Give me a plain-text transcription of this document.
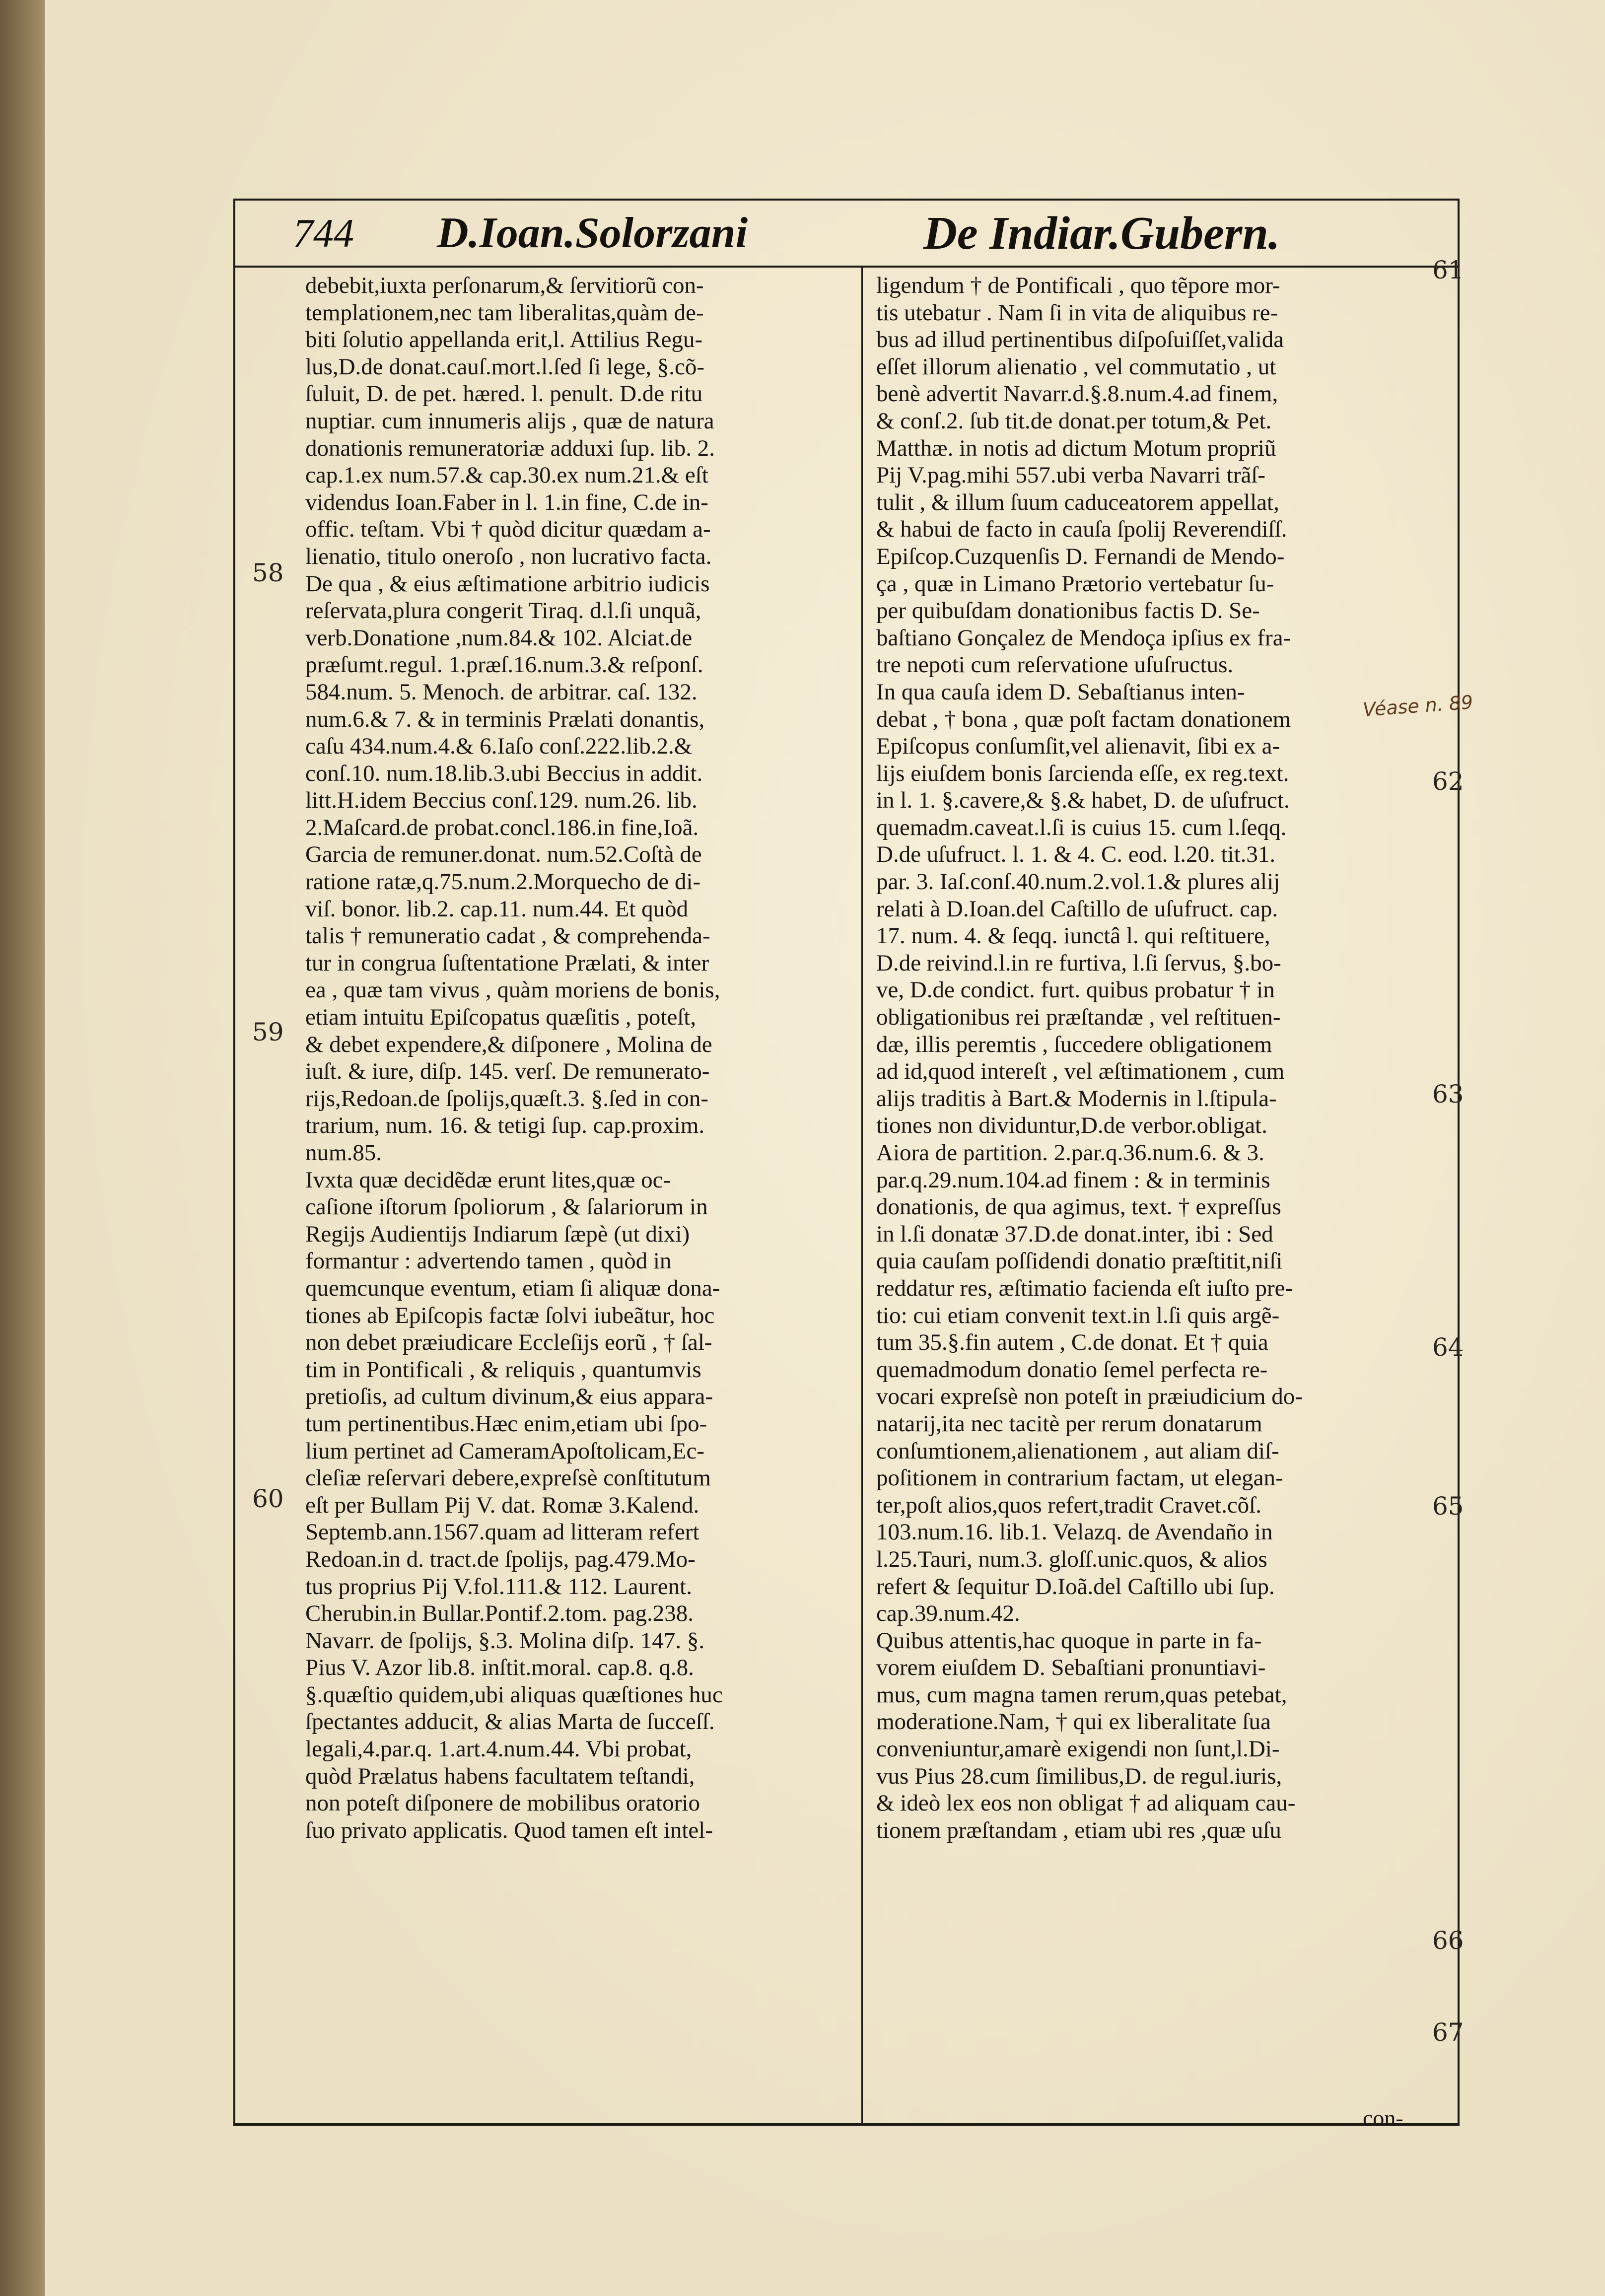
744 D.Ioan.Solorzani	De Indiar.Gubern.
debebit,iuxta perſonarum,& ſervitiorũ con-
templationem,nec tam liberalitas,quàm de-
biti ſolutio appellanda erit,l. Attilius Regu-
lus,D.de donat.cauſ.mort.l.ſed ſi lege, §.cõ-
ſuluit, D. de pet. hæred. l. penult. D.de ritu
nuptiar. cum innumeris alijs , quæ de natura
donationis remuneratoriæ adduxi ſup. lib. 2.
cap.1.ex num.57.& cap.30.ex num.21.& eſt
videndus Ioan.Faber in l. 1.in fine, C.de in-
offic. teſtam. Vbi † quòd dicitur quædam a-
lienatio, titulo oneroſo , non lucrativo facta.
De qua , & eius æſtimatione arbitrio iudicis
reſervata,plura congerit Tiraq. d.l.ſi unquã,
verb.Donatione ,num.84.& 102. Alciat.de
præſumt.regul. 1.præſ.16.num.3.& reſponſ.
584.num. 5. Menoch. de arbitrar. caſ. 132.
num.6.& 7. & in terminis Prælati donantis,
caſu 434.num.4.& 6.Iaſo conſ.222.lib.2.&
conſ.10. num.18.lib.3.ubi Beccius in addit.
litt.H.idem Beccius conſ.129. num.26. lib.
2.Maſcard.de probat.concl.186.in fine,Ioã.
Garcia de remuner.donat. num.52.Coſtà de
ratione ratæ,q.75.num.2.Morquecho de di-
viſ. bonor. lib.2. cap.11. num.44. Et quòd
talis † remuneratio cadat , & comprehenda-
tur in congrua ſuſtentatione Prælati, & inter
ea , quæ tam vivus , quàm moriens de bonis,
etiam intuitu Epiſcopatus quæſitis , poteſt,
& debet expendere,& diſponere , Molina de
iuſt. & iure, diſp. 145. verſ. De remunerato-
rijs,Redoan.de ſpolijs,quæſt.3. §.ſed in con-
trarium, num. 16. & tetigi ſup. cap.proxim.
num.85.
Ivxta quæ decidẽdæ erunt lites,quæ oc-
caſione iſtorum ſpoliorum , & ſalariorum in
Regijs Audientijs Indiarum ſæpè (ut dixi)
formantur : advertendo tamen , quòd in
quemcunque eventum, etiam ſi aliquæ dona-
tiones ab Epiſcopis factæ ſolvi iubeãtur, hoc
non debet præiudicare Eccleſijs eorũ , † ſal-
tim in Pontificali , & reliquis , quantumvis
pretioſis, ad cultum divinum,& eius appara-
tum pertinentibus.Hæc enim,etiam ubi ſpo-
lium pertinet ad CameramApoſtolicam,Ec-
cleſiæ reſervari debere,expreſsè conſtitutum
eſt per Bullam Pij V. dat. Romæ 3.Kalend.
Septemb.ann.1567.quam ad litteram refert
Redoan.in d. tract.de ſpolijs, pag.479.Mo-
tus proprius Pij V.fol.111.& 112. Laurent.
Cherubin.in Bullar.Pontif.2.tom. pag.238.
Navarr. de ſpolijs, §.3. Molina diſp. 147. §.
Pius V. Azor lib.8. inſtit.moral. cap.8. q.8.
§.quæſtio quidem,ubi aliquas quæſtiones huc
ſpectantes adducit, & alias Marta de ſucceſſ.
legali,4.par.q. 1.art.4.num.44. Vbi probat,
quòd Prælatus habens facultatem teſtandi,
non poteſt diſponere de mobilibus oratorio
ſuo privato applicatis. Quod tamen eſt intel-
ligendum † de Pontificali , quo tẽpore mor-
tis utebatur . Nam ſi in vita de aliquibus re-
bus ad illud pertinentibus diſpoſuiſſet,valida
eſſet illorum alienatio , vel commutatio , ut
benè advertit Navarr.d.§.8.num.4.ad finem,
& conſ.2. ſub tit.de donat.per totum,& Pet.
Matthæ. in notis ad dictum Motum propriũ
Pij V.pag.mihi 557.ubi verba Navarri trãſ-
tulit , & illum ſuum caduceatorem appellat,
& habui de facto in cauſa ſpolij Reverendiſſ.
Epiſcop.Cuzquenſis D. Fernandi de Mendo-
ça , quæ in Limano Prætorio vertebatur ſu-
per quibuſdam donationibus factis D. Se-
baſtiano Gonçalez de Mendoça ipſius ex fra-
tre nepoti cum reſervatione uſuſructus.
In qua cauſa idem D. Sebaſtianus inten-
debat , † bona , quæ poſt factam donationem
Epiſcopus conſumſit,vel alienavit, ſibi ex a-
lijs eiuſdem bonis ſarcienda eſſe, ex reg.text.
in l. 1. §.cavere,& §.& habet, D. de uſufruct.
quemadm.caveat.l.ſi is cuius 15. cum l.ſeqq.
D.de uſufruct. l. 1. & 4. C. eod. l.20. tit.31.
par. 3. Iaſ.conſ.40.num.2.vol.1.& plures alij
relati à D.Ioan.del Caſtillo de uſufruct. cap.
17. num. 4. & ſeqq. iunctâ l. qui reſtituere,
D.de reivind.l.in re furtiva, l.ſi ſervus, §.bo-
ve, D.de condict. furt. quibus probatur † in
obligationibus rei præſtandæ , vel reſtituen-
dæ, illis peremtis , ſuccedere obligationem
ad id,quod intereſt , vel æſtimationem , cum
alijs traditis à Bart.& Modernis in l.ſtipula-
tiones non dividuntur,D.de verbor.obligat.
Aiora de partition. 2.par.q.36.num.6. & 3.
par.q.29.num.104.ad finem : & in terminis
donationis, de qua agimus, text. † expreſſus
in l.ſi donatæ 37.D.de donat.inter, ibi : Sed
quia cauſam poſſidendi donatio præſtitit,niſi
reddatur res, æſtimatio facienda eſt iuſto pre-
tio: cui etiam convenit text.in l.ſi quis argẽ-
tum 35.§.fin autem , C.de donat. Et † quia
quemadmodum donatio ſemel perfecta re-
vocari expreſsè non poteſt in præiudicium do-
natarij,ita nec tacitè per rerum donatarum
conſumtionem,alienationem , aut aliam diſ-
poſitionem in contrarium factam, ut elegan-
ter,poſt alios,quos refert,tradit Cravet.cõſ.
103.num.16. lib.1. Velazq. de Avendaño in
l.25.Tauri, num.3. gloſſ.unic.quos, & alios
refert & ſequitur D.Ioã.del Caſtillo ubi ſup.
cap.39.num.42.
Quibus attentis,hac quoque in parte in fa-
vorem eiuſdem D. Sebaſtiani pronuntiavi-
mus, cum magna tamen rerum,quas petebat,
moderatione.Nam, † qui ex liberalitate ſua
conveniuntur,amarè exigendi non ſunt,l.Di-
vus Pius 28.cum ſimilibus,D. de regul.iuris,
& ideò lex eos non obligat † ad aliquam cau-
tionem præſtandam , etiam ubi res ,quæ uſu
58
59
60
61
62
63
64
65
66
67
Véase n. 89
con-
